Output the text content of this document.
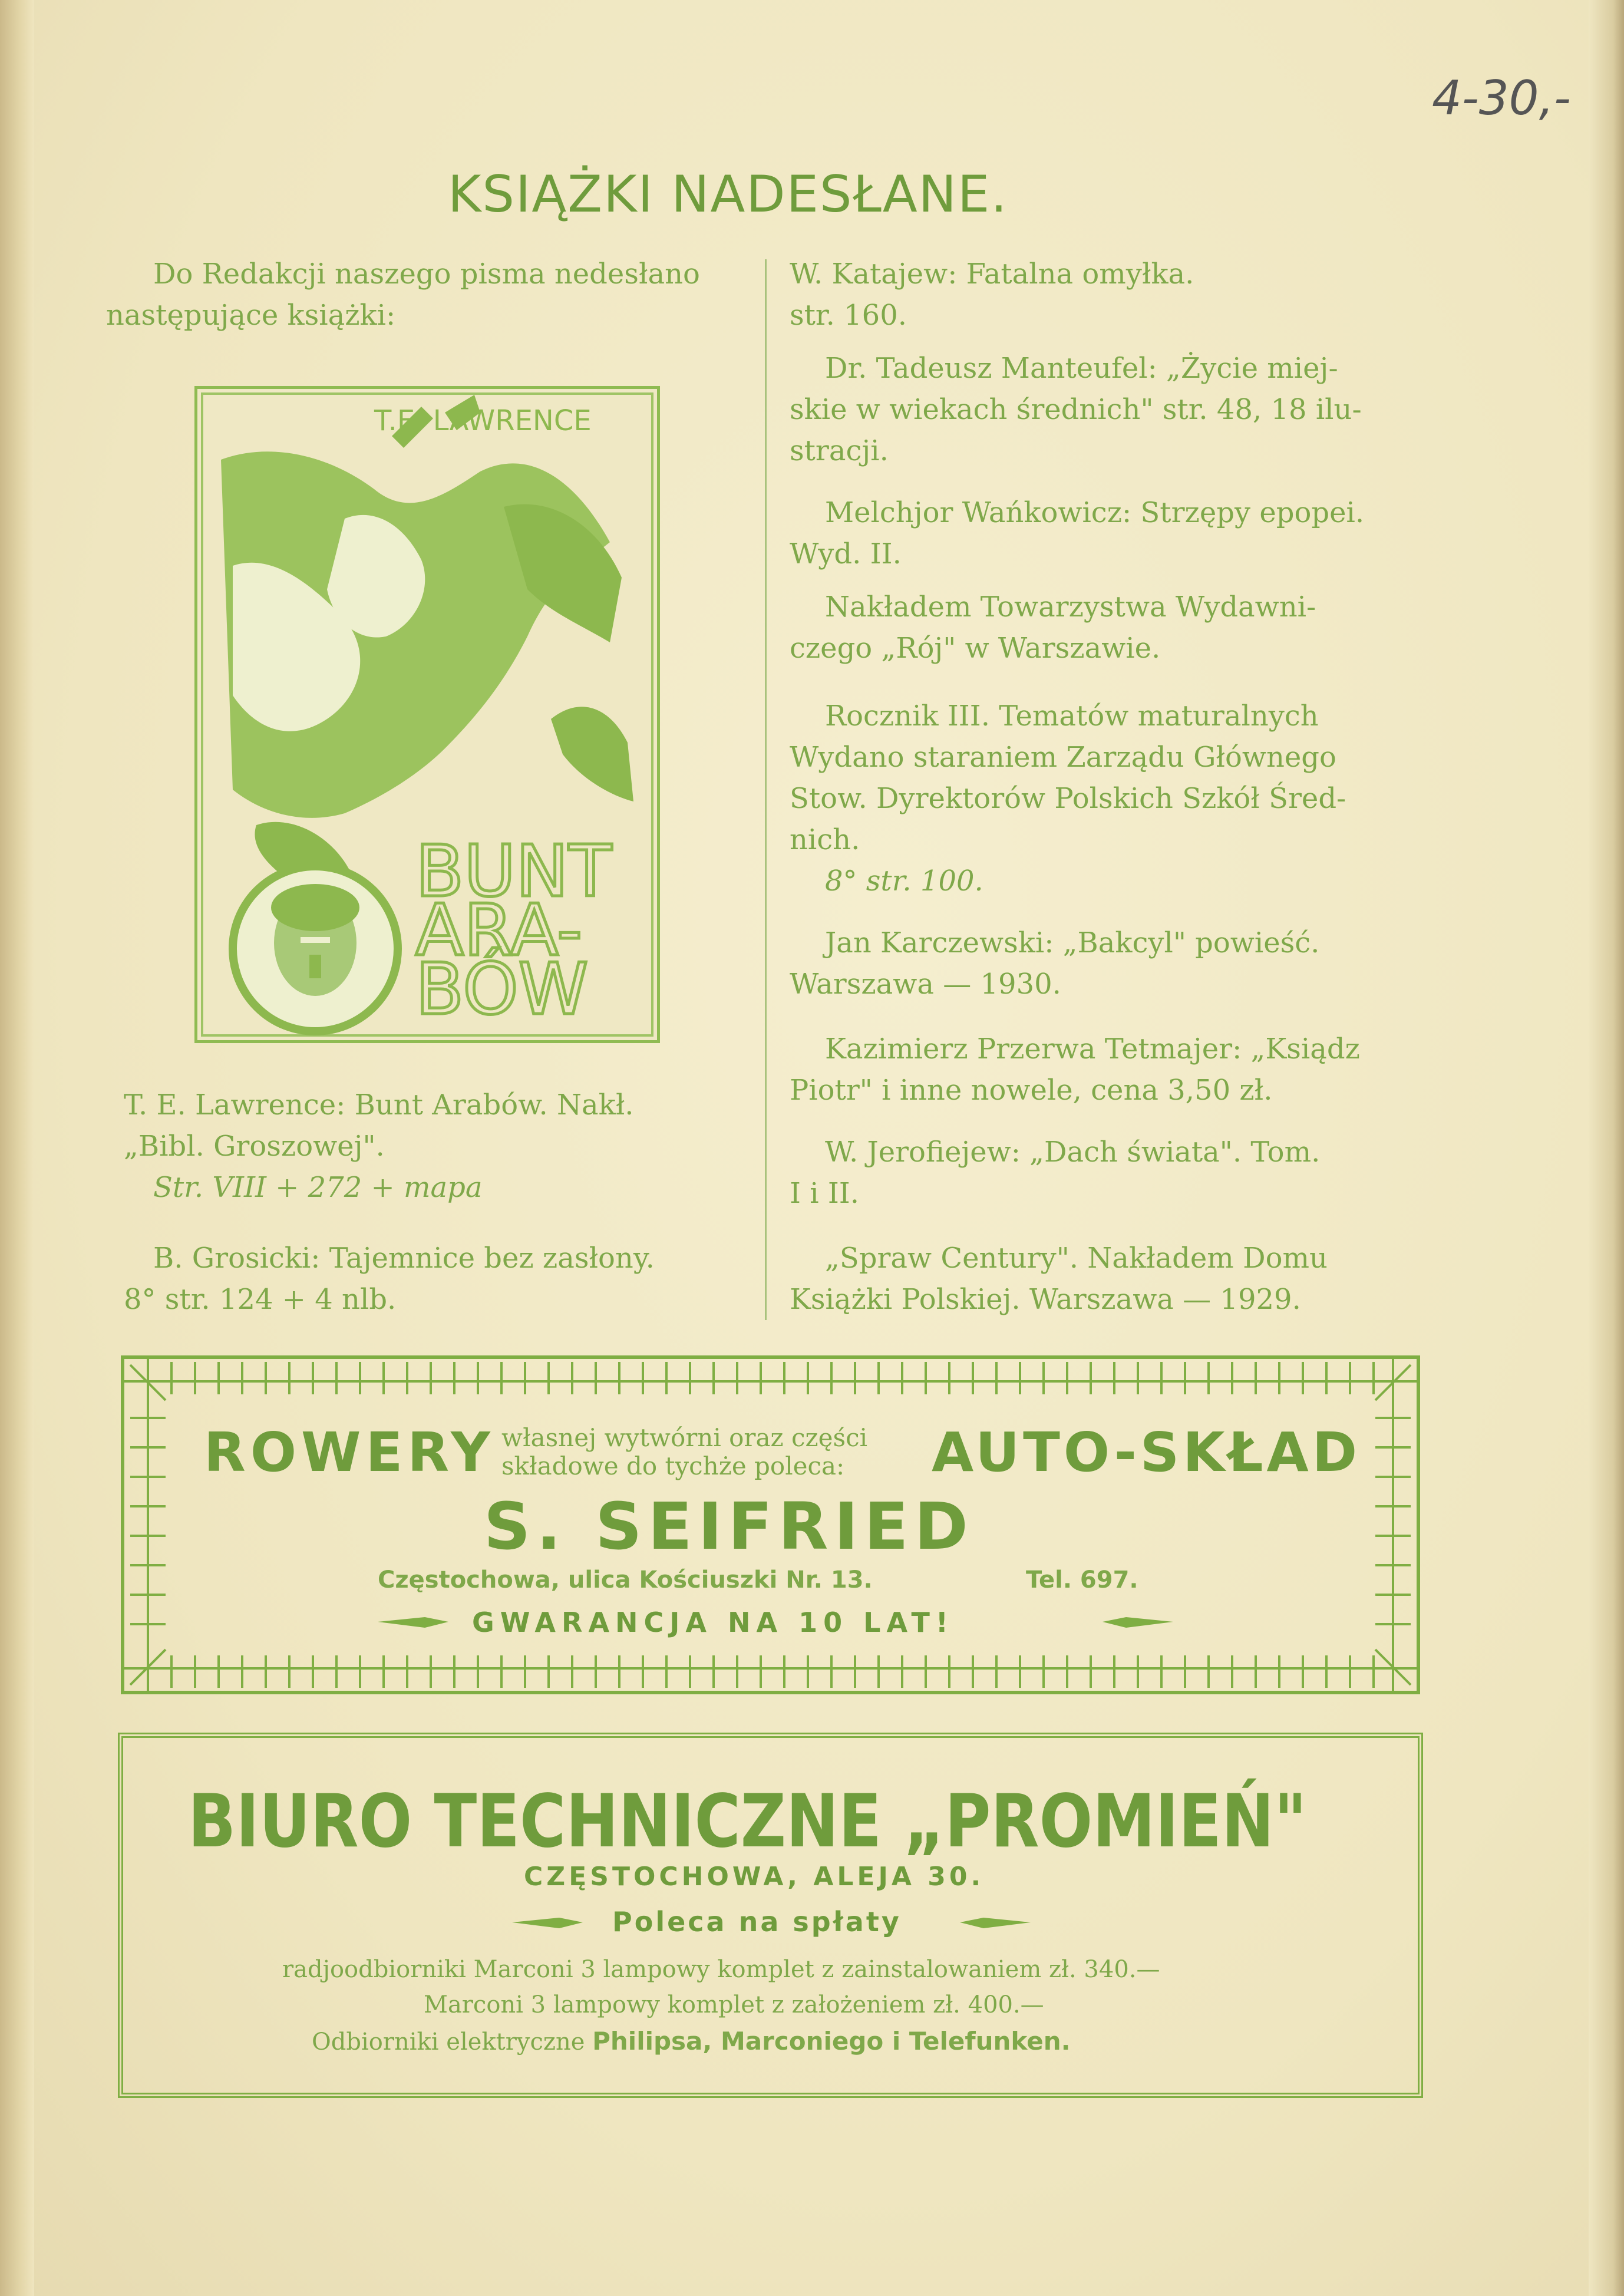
4-30,-
KSIĄŻKI NADESŁANE.
Do Redakcji naszego pisma nedesłano
następujące książki:
T.E. LAWRENCE
BUNT
ARA-
BÓW
T. E. Lawrence: Bunt Arabów. Nakł.
„Bibl. Groszowej".
Str. VIII + 272 + mapa
B. Grosicki: Tajemnice bez zasłony.
8° str. 124 + 4 nlb.
W. Katajew: Fatalna omyłka.
str. 160.
Dr. Tadeusz Manteufel: „Życie miej-
skie w wiekach średnich" str. 48, 18 ilu-
stracji.
Melchjor Wańkowicz: Strzępy epopei.
Wyd. II.
Nakładem Towarzystwa Wydawni-
czego „Rój" w Warszawie.
Rocznik III. Tematów maturalnych
Wydano staraniem Zarządu Głównego
Stow. Dyrektorów Polskich Szkół Śred-
nich.
8° str. 100.
Jan Karczewski: „Bakcyl" powieść.
Warszawa — 1930.
Kazimierz Przerwa Tetmajer: „Ksiądz
Piotr" i inne nowele, cena 3,50 zł.
W. Jerofiejew: „Dach świata". Tom.
I i II.
„Spraw Century". Nakładem Domu
Książki Polskiej. Warszawa — 1929.
ROWERY własnej wytwórni oraz części
składowe do tychże poleca:	AUTO-SKŁAD
S. SEIFRIED
Częstochowa, ulica Kościuszki Nr. 13.	Tel. 697.
GWARANCJA NA 10 LAT!
BIURO TECHNICZNE „PROMIEŃ"
CZĘSTOCHOWA, ALEJA 30.
Poleca na spłaty
radjoodbiorniki Marconi 3 lampowy komplet z zainstalowaniem zł. 340.—
Marconi 3 lampowy komplet z założeniem zł. 400.—
Odbiorniki elektryczne Philipsa, Marconiego i Telefunken.
